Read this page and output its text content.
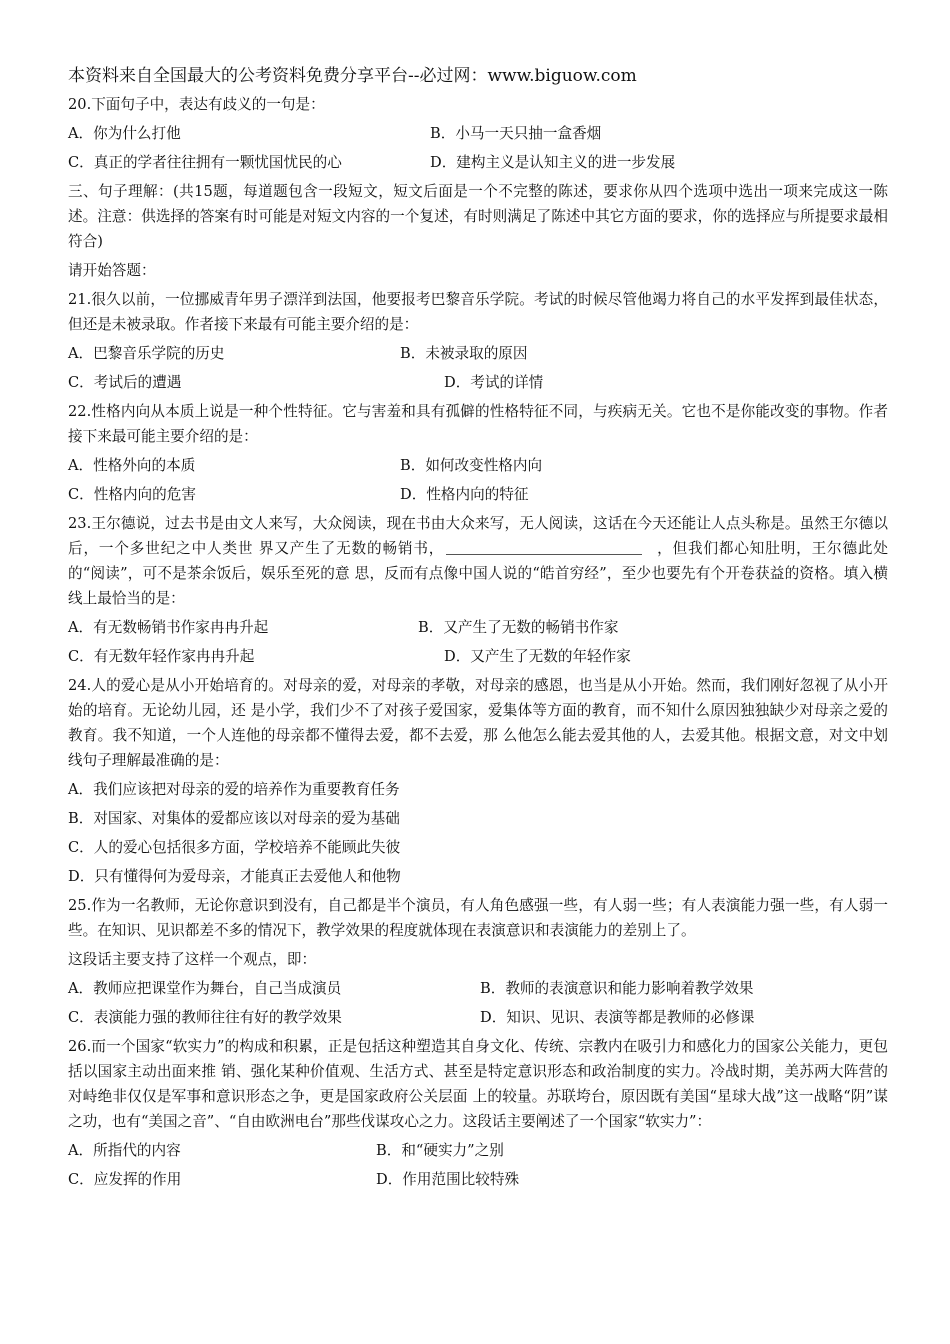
本资料来自全国最大的公考资料免费分享平台--必过网：www.biguow.com
20.下面句子中，表达有歧义的一句是：
A．你为什么打他	B．小马一天只抽一盒香烟
C．真正的学者往往拥有一颗忧国忧民的心	D．建构主义是认知主义的进一步发展
三、句子理解：(共15题，每道题包含一段短文，短文后面是一个不完整的陈述，要求你从四个选项中选出一项来完成这一陈述。注意：供选择的答案有时可能是对短文内容的一个复述，有时则满足了陈述中其它方面的要求，你的选择应与所提要求最相符合)
请开始答题：
21.很久以前，一位挪威青年男子漂洋到法国，他要报考巴黎音乐学院。考试的时候尽管他竭力将自己的水平发挥到最佳状态，但还是未被录取。作者接下来最有可能主要介绍的是：
A．巴黎音乐学院的历史	B．未被录取的原因
C．考试后的遭遇	D．考试的详情
22.性格内向从本质上说是一种个性特征。它与害羞和具有孤僻的性格特征不同，与疾病无关。它也不是你能改变的事物。作者接下来最可能主要介绍的是：
A．性格外向的本质	B．如何改变性格内向
C．性格内向的危害	D．性格内向的特征
23.王尔德说，过去书是由文人来写，大众阅读，现在书由大众来写，无人阅读，这话在今天还能让人点头称是。虽然王尔德以后，一个多世纪之中人类世 界又产生了无数的畅销书，	，但我们都心知肚明，王尔德此处的“阅读”，可不是茶余饭后，娱乐至死的意 思，反而有点像中国人说的“皓首穷经”，至少也要先有个开卷获益的资格。填入横线上最恰当的是：
A．有无数畅销书作家冉冉升起	B．又产生了无数的畅销书作家
C．有无数年轻作家冉冉升起	D．又产生了无数的年轻作家
24.人的爱心是从小开始培育的。对母亲的爱，对母亲的孝敬，对母亲的感恩，也当是从小开始。然而，我们刚好忽视了从小开始的培育。无论幼儿园，还 是小学，我们少不了对孩子爱国家，爱集体等方面的教育，而不知什么原因独独缺少对母亲之爱的教育。我不知道，一个人连他的母亲都不懂得去爱，都不去爱，那 么他怎么能去爱其他的人，去爱其他。根据文意，对文中划线句子理解最准确的是：
A．我们应该把对母亲的爱的培养作为重要教育任务
B．对国家、对集体的爱都应该以对母亲的爱为基础
C．人的爱心包括很多方面，学校培养不能顾此失彼
D．只有懂得何为爱母亲，才能真正去爱他人和他物
25.作为一名教师，无论你意识到没有，自己都是半个演员，有人角色感强一些，有人弱一些；有人表演能力强一些，有人弱一些。在知识、见识都差不多的情况下，教学效果的程度就体现在表演意识和表演能力的差别上了。
这段话主要支持了这样一个观点，即：
A．教师应把课堂作为舞台，自己当成演员	B．教师的表演意识和能力影响着教学效果
C．表演能力强的教师往往有好的教学效果	D．知识、见识、表演等都是教师的必修课
26.而一个国家“软实力”的构成和积累，正是包括这种塑造其自身文化、传统、宗教内在吸引力和感化力的国家公关能力，更包括以国家主动出面来推 销、强化某种价值观、生活方式、甚至是特定意识形态和政治制度的实力。冷战时期，美苏两大阵营的对峙绝非仅仅是军事和意识形态之争，更是国家政府公关层面 上的较量。苏联垮台，原因既有美国“星球大战”这一战略“阴”谋之功，也有“美国之音”、“自由欧洲电台”那些伐谋攻心之力。这段话主要阐述了一个国家“软实力”：
A．所指代的内容	B．和“硬实力”之别
C．应发挥的作用	D．作用范围比较特殊
